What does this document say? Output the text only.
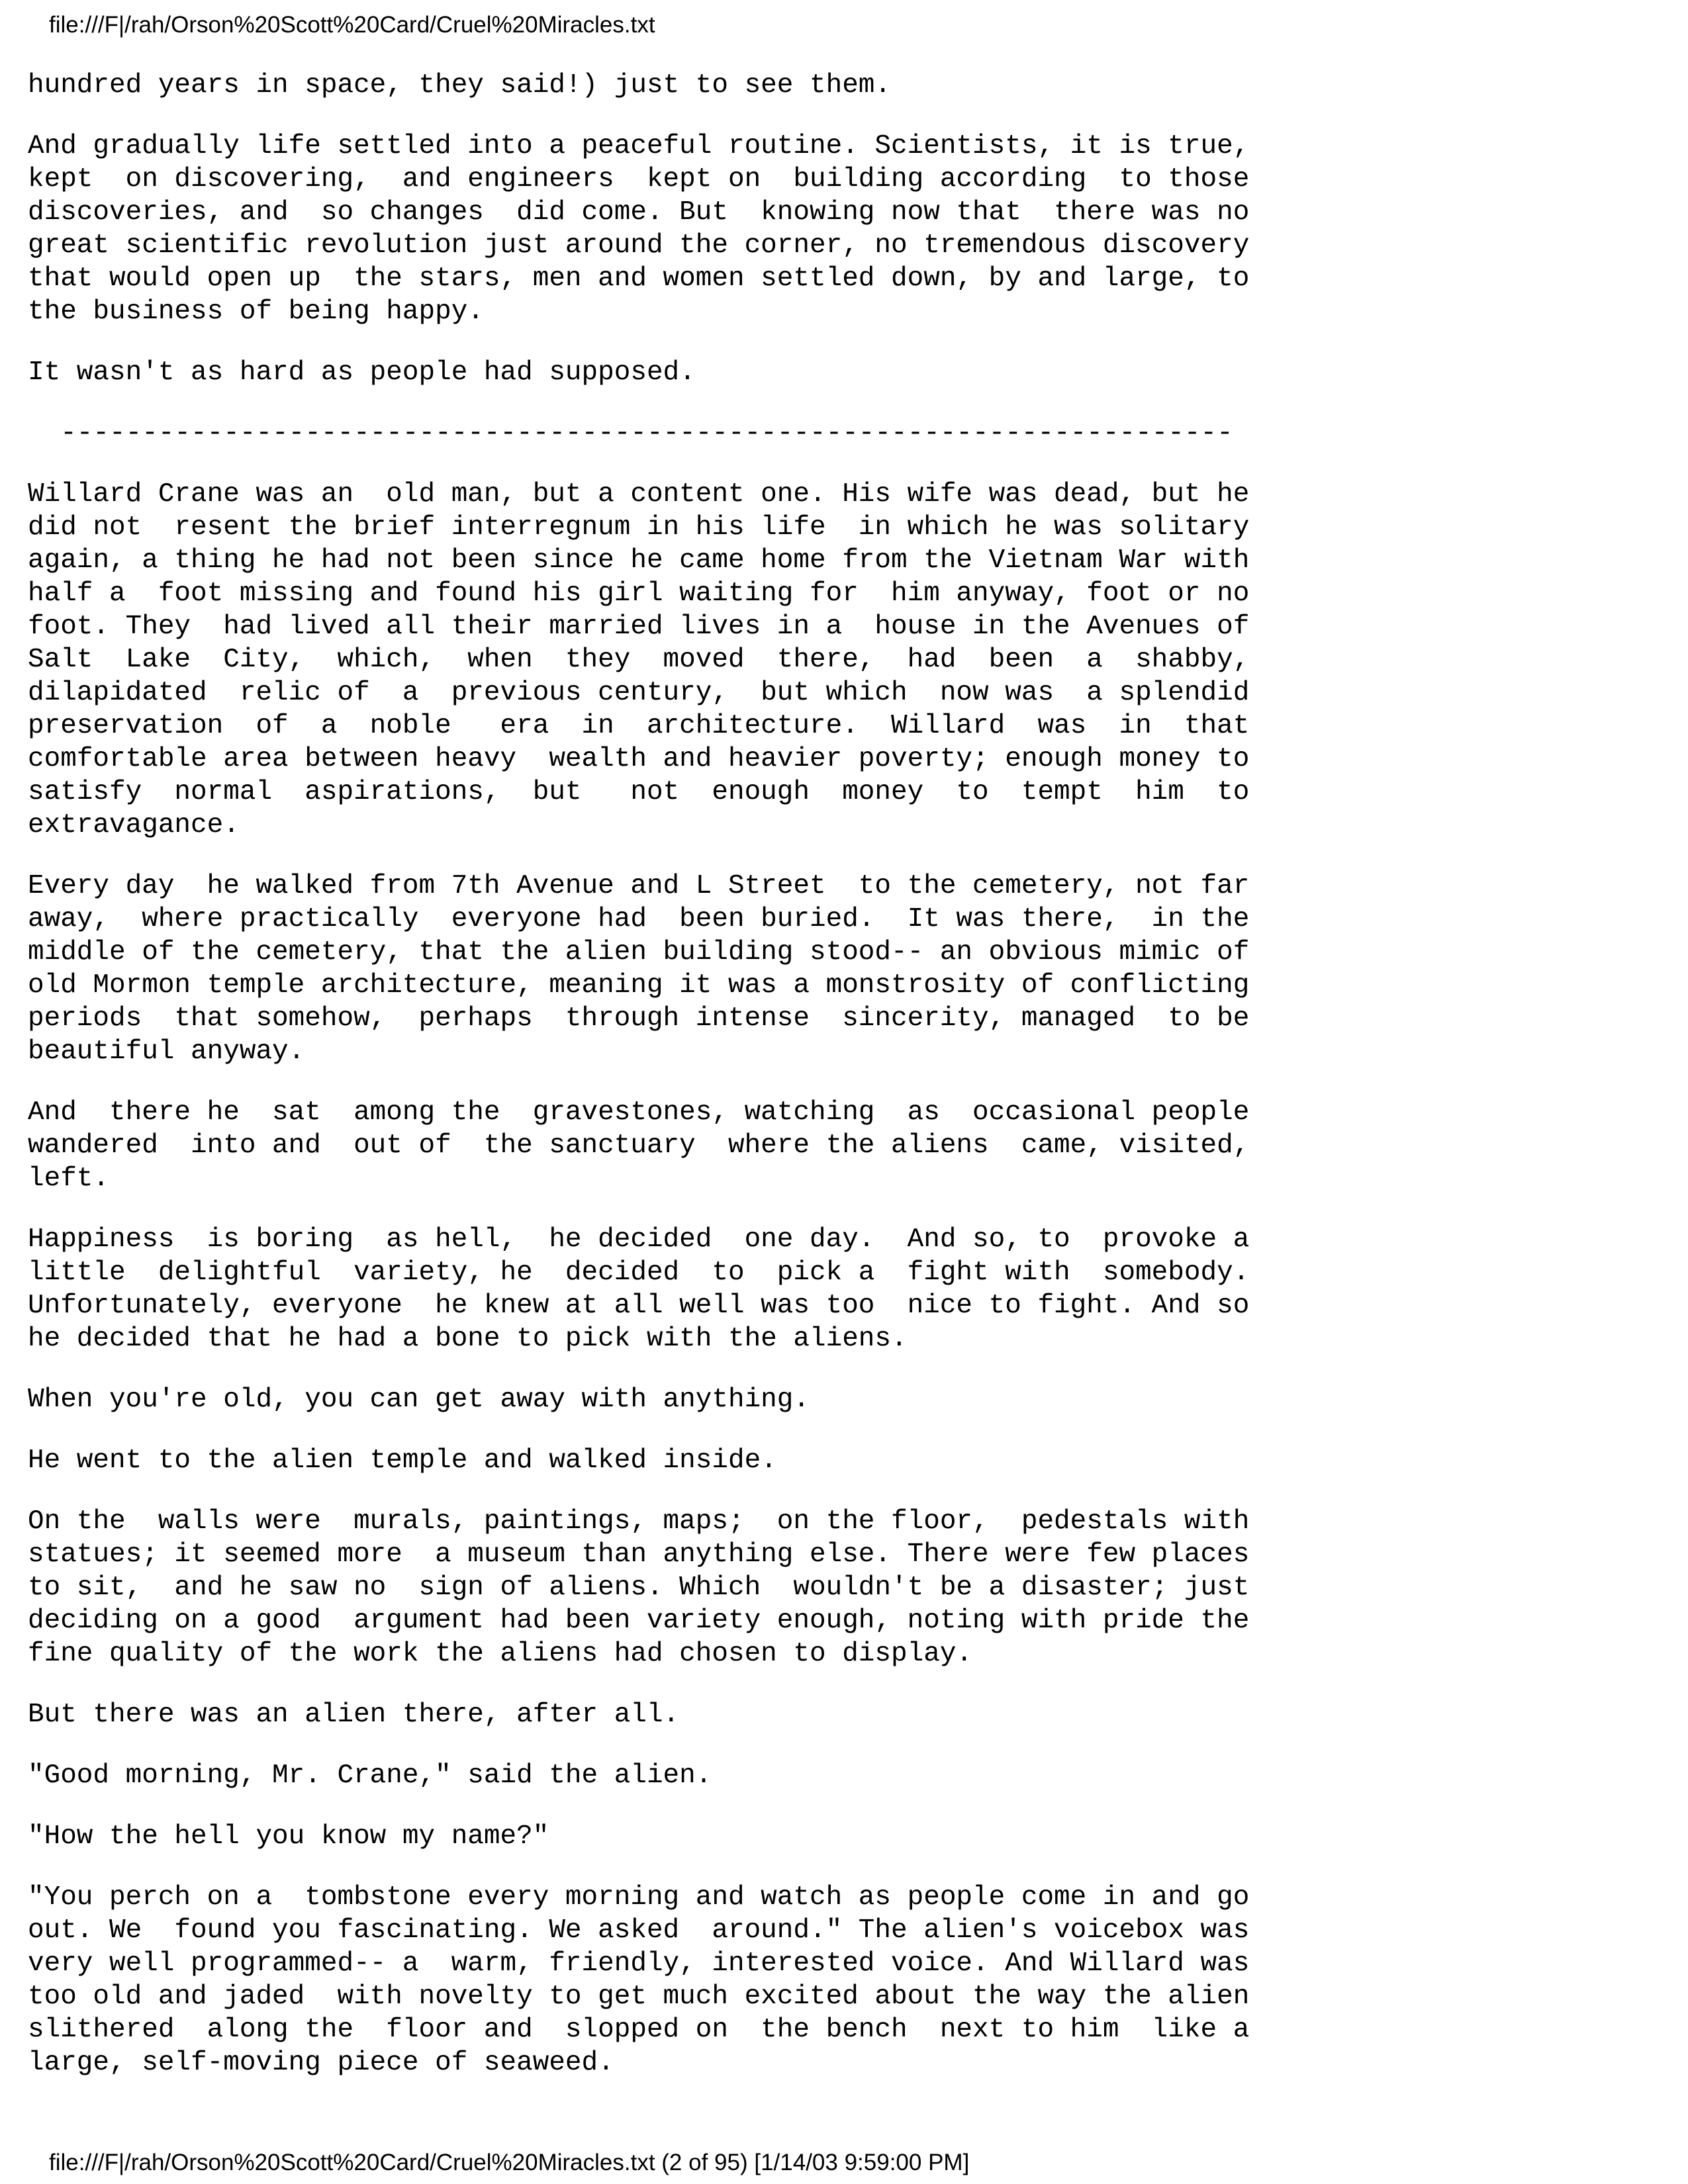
file:///F|/rah/Orson%20Scott%20Card/Cruel%20Miracles.txt
hundred years in space, they said!) just to see them.
And gradually life settled into a peaceful routine. Scientists, it is true,
kept  on discovering,  and engineers  kept on  building according  to those
discoveries, and  so changes  did come. But  knowing now that  there was no
great scientific revolution just around the corner, no tremendous discovery
that would open up  the stars, men and women settled down, by and large, to
the business of being happy.
It wasn't as hard as people had supposed.
------------------------------------------------------------------------
Willard Crane was an  old man, but a content one. His wife was dead, but he
did not  resent the brief interregnum in his life  in which he was solitary
again, a thing he had not been since he came home from the Vietnam War with
half a  foot missing and found his girl waiting for  him anyway, foot or no
foot. They  had lived all their married lives in a  house in the Avenues of
Salt  Lake  City,  which,  when  they  moved  there,  had  been  a  shabby,
dilapidated  relic of  a  previous century,  but which  now was  a splendid
preservation  of  a  noble   era  in  architecture.  Willard  was  in  that
comfortable area between heavy  wealth and heavier poverty; enough money to
satisfy  normal  aspirations,  but   not  enough  money  to  tempt  him  to
extravagance.
Every day  he walked from 7th Avenue and L Street  to the cemetery, not far
away,  where practically  everyone had  been buried.  It was there,  in the
middle of the cemetery, that the alien building stood-- an obvious mimic of
old Mormon temple architecture, meaning it was a monstrosity of conflicting
periods  that somehow,  perhaps  through intense  sincerity, managed  to be
beautiful anyway.
And  there he  sat  among the  gravestones, watching  as  occasional people
wandered  into and  out of  the sanctuary  where the aliens  came, visited,
left.
Happiness  is boring  as hell,  he decided  one day.  And so, to  provoke a
little  delightful  variety, he  decided  to  pick a  fight with  somebody.
Unfortunately, everyone  he knew at all well was too  nice to fight. And so
he decided that he had a bone to pick with the aliens.
When you're old, you can get away with anything.
He went to the alien temple and walked inside.
On the  walls were  murals, paintings, maps;  on the floor,  pedestals with
statues; it seemed more  a museum than anything else. There were few places
to sit,  and he saw no  sign of aliens. Which  wouldn't be a disaster; just
deciding on a good  argument had been variety enough, noting with pride the
fine quality of the work the aliens had chosen to display.
But there was an alien there, after all.
"Good morning, Mr. Crane," said the alien.
"How the hell you know my name?"
"You perch on a  tombstone every morning and watch as people come in and go
out. We  found you fascinating. We asked  around." The alien's voicebox was
very well programmed-- a  warm, friendly, interested voice. And Willard was
too old and jaded  with novelty to get much excited about the way the alien
slithered  along the  floor and  slopped on  the bench  next to him  like a
large, self-moving piece of seaweed.
file:///F|/rah/Orson%20Scott%20Card/Cruel%20Miracles.txt (2 of 95) [1/14/03 9:59:00 PM]
